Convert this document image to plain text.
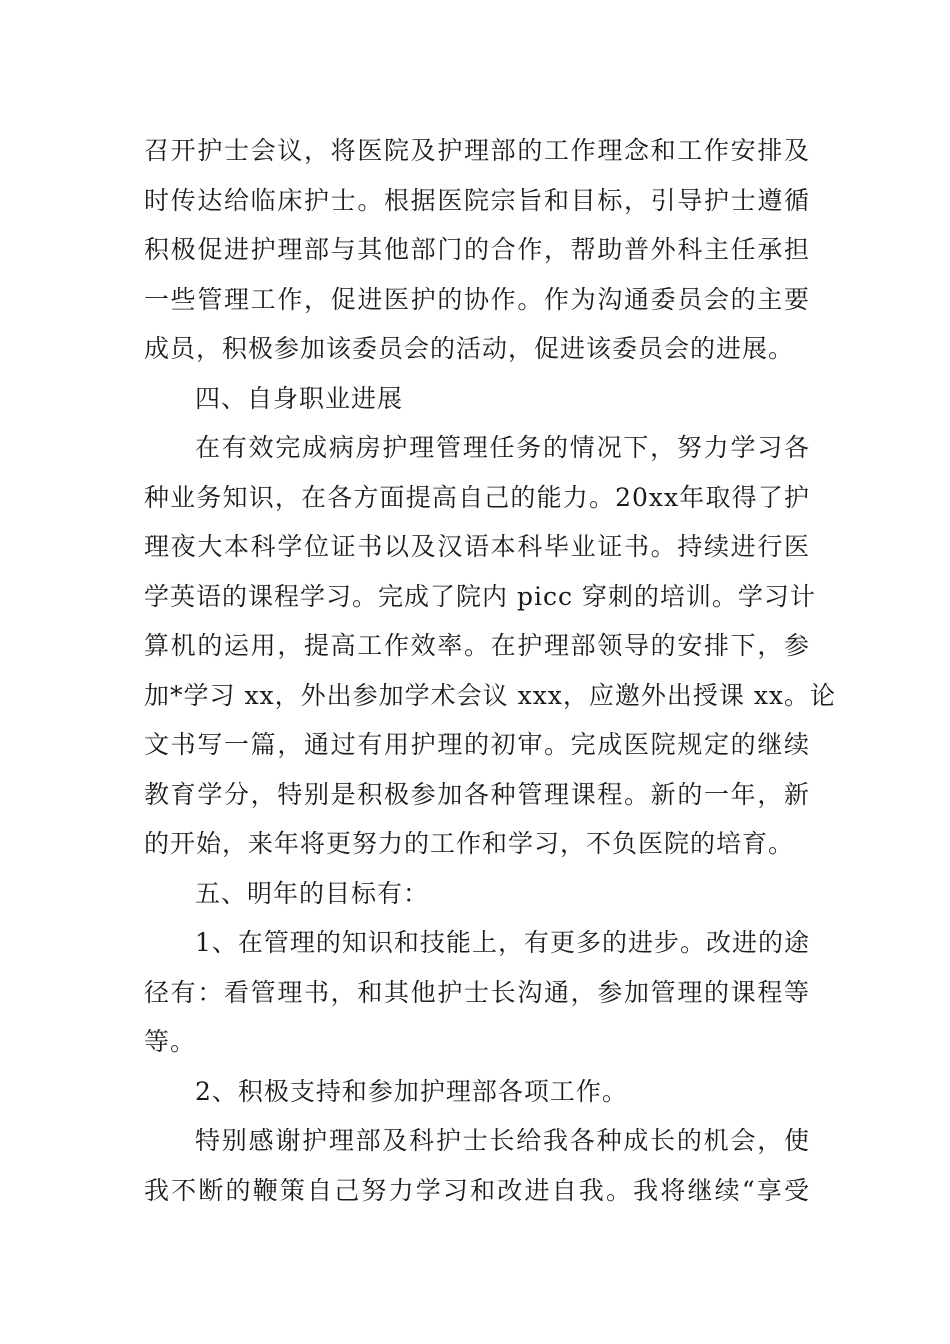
召开护士会议，将医院及护理部的工作理念和工作安排及
时传达给临床护士。根据医院宗旨和目标，引导护士遵循
积极促进护理部与其他部门的合作，帮助普外科主任承担
一些管理工作，促进医护的协作。作为沟通委员会的主要
成员，积极参加该委员会的活动，促进该委员会的进展。
四、自身职业进展
在有效完成病房护理管理任务的情况下，努力学习各
种业务知识，在各方面提高自己的能力。20xx年取得了护
理夜大本科学位证书以及汉语本科毕业证书。持续进行医
学英语的课程学习。完成了院内 picc 穿刺的培训。学习计
算机的运用，提高工作效率。在护理部领导的安排下，参
加*学习 xx，外出参加学术会议 xxx，应邀外出授课 xx。论
文书写一篇，通过有用护理的初审。完成医院规定的继续
教育学分，特别是积极参加各种管理课程。新的一年，新
的开始，来年将更努力的工作和学习，不负医院的培育。
五、明年的目标有：
1、在管理的知识和技能上，有更多的进步。改进的途
径有：看管理书，和其他护士长沟通，参加管理的课程等
等。
2、积极支持和参加护理部各项工作。
特别感谢护理部及科护士长给我各种成长的机会，使
我不断的鞭策自己努力学习和改进自我。我将继续“享受
